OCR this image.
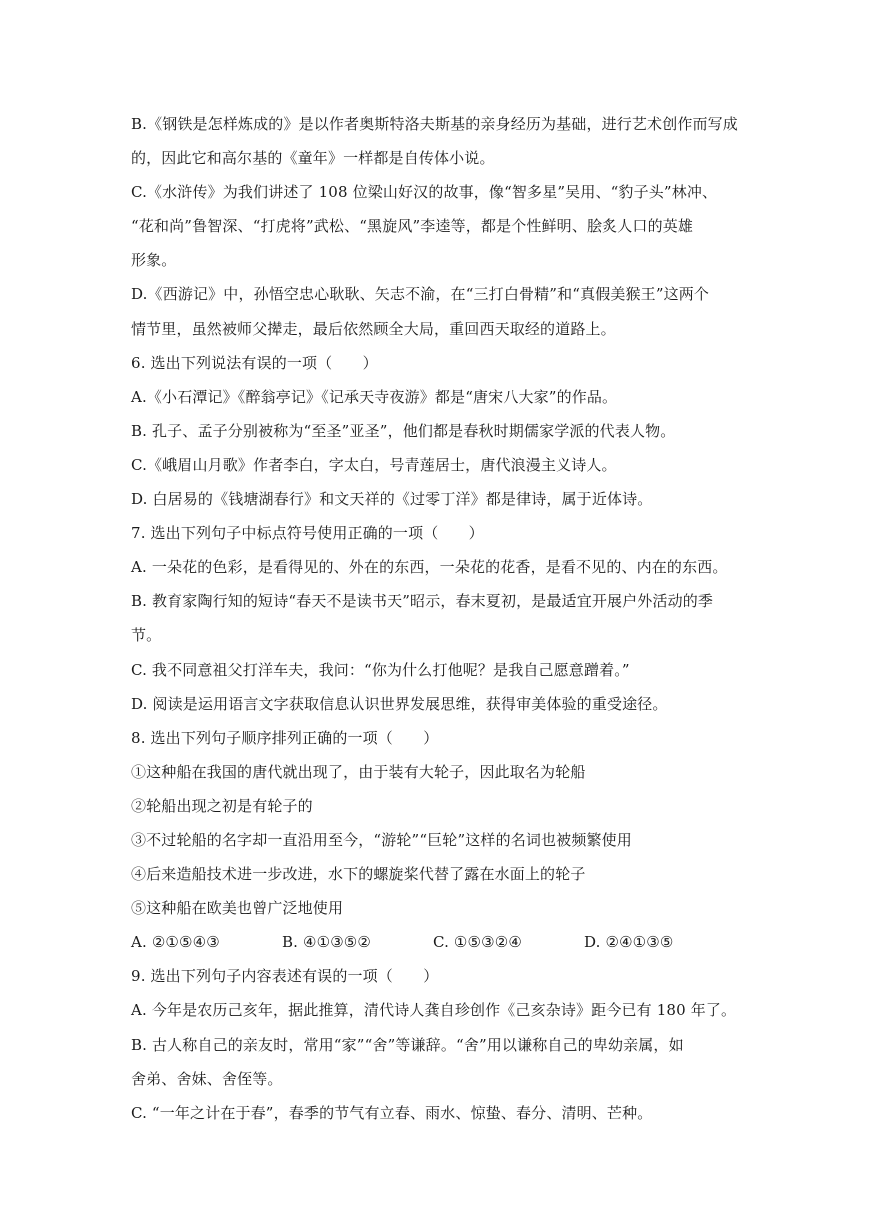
B.《钢铁是怎样炼成的》是以作者奥斯特洛夫斯基的亲身经历为基础，进行艺术创作而写成
的，因此它和高尔基的《童年》一样都是自传体小说。
C.《水浒传》为我们讲述了 108 位梁山好汉的故事，像“智多星”吴用、“豹子头”林冲、
“花和尚”鲁智深、“打虎将”武松、“黑旋风”李逵等，都是个性鲜明、脍炙人口的英雄
形象。
D.《西游记》中，孙悟空忠心耿耿、矢志不渝，在“三打白骨精”和“真假美猴王”这两个
情节里，虽然被师父撵走，最后依然顾全大局，重回西天取经的道路上。
6. 选出下列说法有误的一项（　　）
A.《小石潭记》《醉翁亭记》《记承天寺夜游》都是“唐宋八大家”的作品。
B. 孔子、孟子分别被称为“至圣”亚圣”，他们都是春秋时期儒家学派的代表人物。
C.《峨眉山月歌》作者李白，字太白，号青莲居士，唐代浪漫主义诗人。
D. 白居易的《钱塘湖春行》和文天祥的《过零丁洋》都是律诗，属于近体诗。
7. 选出下列句子中标点符号使用正确的一项（　　）
A. 一朵花的色彩，是看得见的、外在的东西，一朵花的花香，是看不见的、内在的东西。
B. 教育家陶行知的短诗“春天不是读书天”昭示，春末夏初，是最适宜开展户外活动的季
节。
C. 我不同意祖父打洋车夫，我问：“你为什么打他呢？是我自己愿意蹭着。”
D. 阅读是运用语言文字获取信息认识世界发展思维，获得审美体验的重受途径。
8. 选出下列句子顺序排列正确的一项（　　）
①这种船在我国的唐代就出现了，由于装有大轮子，因此取名为轮船
②轮船出现之初是有轮子的
③不过轮船的名字却一直沿用至今，“游轮”“巨轮”这样的名词也被频繁使用
④后来造船技术进一步改进，水下的螺旋桨代替了露在水面上的轮子
⑤这种船在欧美也曾广泛地使用
A. ②①⑤④③	B. ④①③⑤②	C. ①⑤③②④	D. ②④①③⑤
9. 选出下列句子内容表述有误的一项（　　）
A. 今年是农历己亥年，据此推算，清代诗人龚自珍创作《己亥杂诗》距今已有 180 年了。
B. 古人称自己的亲友时，常用“家”“舍”等谦辞。“舍”用以谦称自己的卑幼亲属，如
舍弟、舍妹、舍侄等。
C. “一年之计在于春”，春季的节气有立春、雨水、惊蛰、春分、清明、芒种。
